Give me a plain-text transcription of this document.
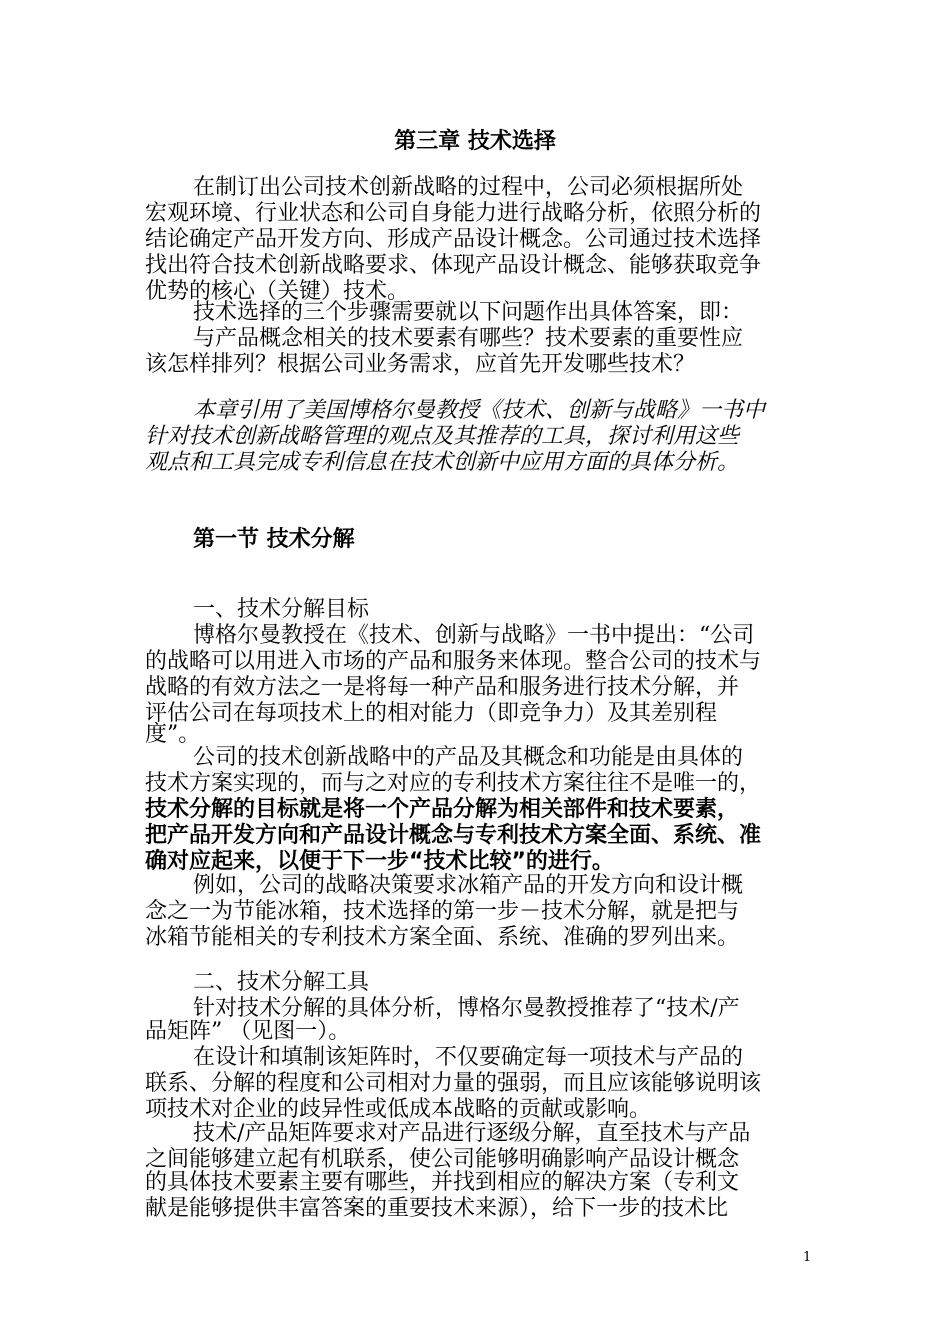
第三章 技术选择
在制订出公司技术创新战略的过程中，公司必须根据所处
宏观环境、行业状态和公司自身能力进行战略分析，依照分析的
结论确定产品开发方向、形成产品设计概念。公司通过技术选择
找出符合技术创新战略要求、体现产品设计概念、能够获取竞争
优势的核心（关键）技术。
技术选择的三个步骤需要就以下问题作出具体答案，即：
与产品概念相关的技术要素有哪些？技术要素的重要性应
该怎样排列？根据公司业务需求，应首先开发哪些技术？
本章引用了美国博格尔曼教授《技术、创新与战略》一书中
针对技术创新战略管理的观点及其推荐的工具，探讨利用这些
观点和工具完成专利信息在技术创新中应用方面的具体分析。
第一节 技术分解
一、技术分解目标
博格尔曼教授在《技术、创新与战略》一书中提出：“公司
的战略可以用进入市场的产品和服务来体现。整合公司的技术与
战略的有效方法之一是将每一种产品和服务进行技术分解，并
评估公司在每项技术上的相对能力（即竞争力）及其差别程
度”。
公司的技术创新战略中的产品及其概念和功能是由具体的
技术方案实现的，而与之对应的专利技术方案往往不是唯一的，
技术分解的目标就是将一个产品分解为相关部件和技术要素，
把产品开发方向和产品设计概念与专利技术方案全面、系统、准
确对应起来，以便于下一步“技术比较”的进行。
例如，公司的战略决策要求冰箱产品的开发方向和设计概
念之一为节能冰箱，技术选择的第一步－技术分解，就是把与
冰箱节能相关的专利技术方案全面、系统、准确的罗列出来。
二、技术分解工具
针对技术分解的具体分析，博格尔曼教授推荐了“技术/产
品矩阵” （见图一）。
在设计和填制该矩阵时，不仅要确定每一项技术与产品的
联系、分解的程度和公司相对力量的强弱，而且应该能够说明该
项技术对企业的歧异性或低成本战略的贡献或影响。
技术/产品矩阵要求对产品进行逐级分解，直至技术与产品
之间能够建立起有机联系，使公司能够明确影响产品设计概念
的具体技术要素主要有哪些，并找到相应的解决方案（专利文
献是能够提供丰富答案的重要技术来源），给下一步的技术比
1
